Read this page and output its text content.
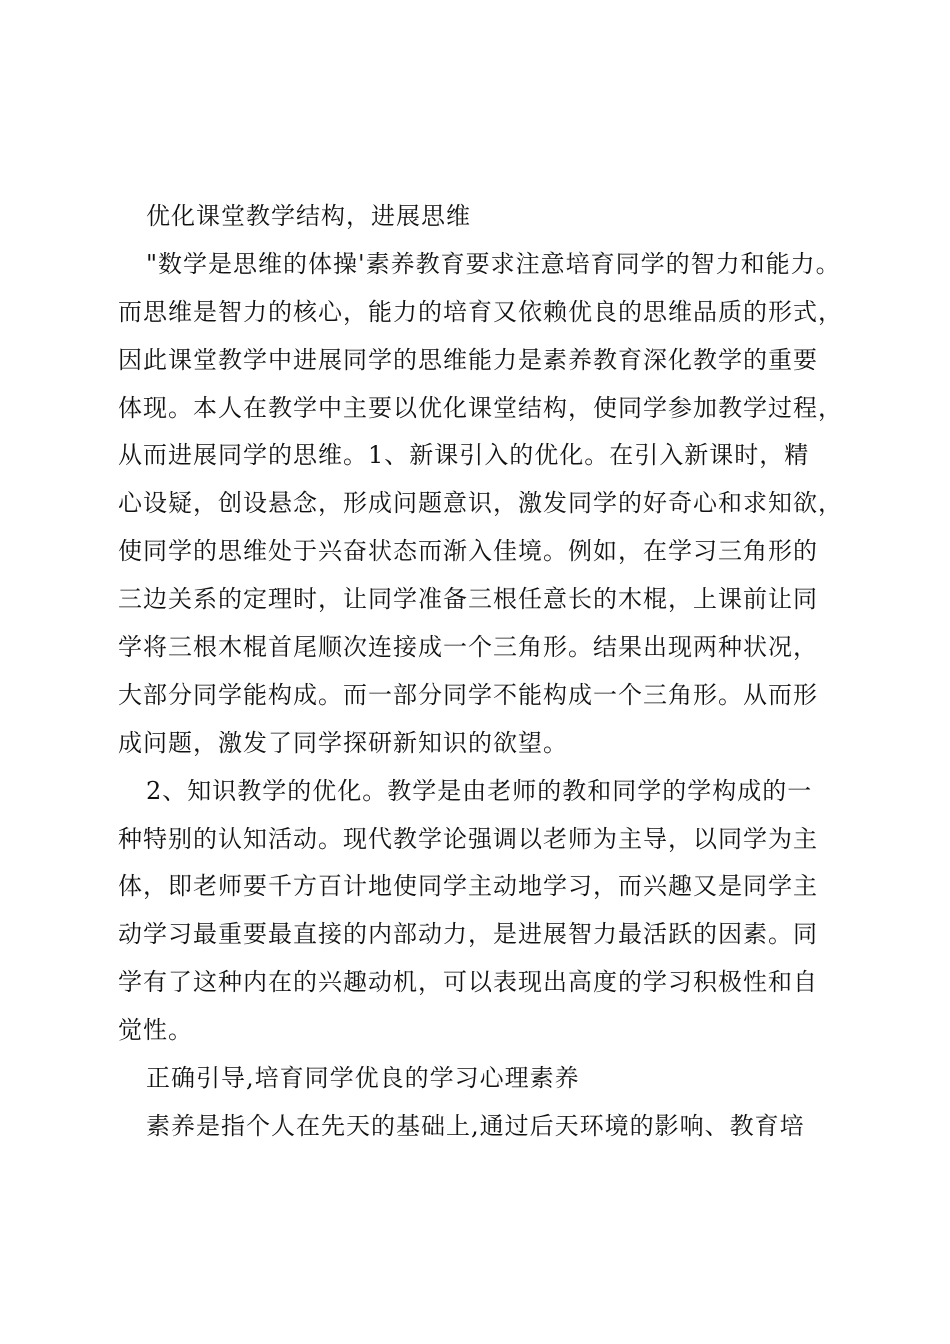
优化课堂教学结构，进展思维
"数学是思维的体操'素养教育要求注意培育同学的智力和能力。
而思维是智力的核心，能力的培育又依赖优良的思维品质的形式，
因此课堂教学中进展同学的思维能力是素养教育深化教学的重要
体现。本人在教学中主要以优化课堂结构，使同学参加教学过程，
从而进展同学的思维。1、新课引入的优化。在引入新课时，精
心设疑，创设悬念，形成问题意识，激发同学的好奇心和求知欲，
使同学的思维处于兴奋状态而渐入佳境。例如，在学习三角形的
三边关系的定理时，让同学准备三根任意长的木棍，上课前让同
学将三根木棍首尾顺次连接成一个三角形。结果出现两种状况，
大部分同学能构成。而一部分同学不能构成一个三角形。从而形
成问题，激发了同学探研新知识的欲望。
2、知识教学的优化。教学是由老师的教和同学的学构成的一
种特别的认知活动。现代教学论强调以老师为主导，以同学为主
体，即老师要千方百计地使同学主动地学习，而兴趣又是同学主
动学习最重要最直接的内部动力，是进展智力最活跃的因素。同
学有了这种内在的兴趣动机，可以表现出高度的学习积极性和自
觉性。
正确引导,培育同学优良的学习心理素养
素养是指个人在先天的基础上,通过后天环境的影响、教育培
